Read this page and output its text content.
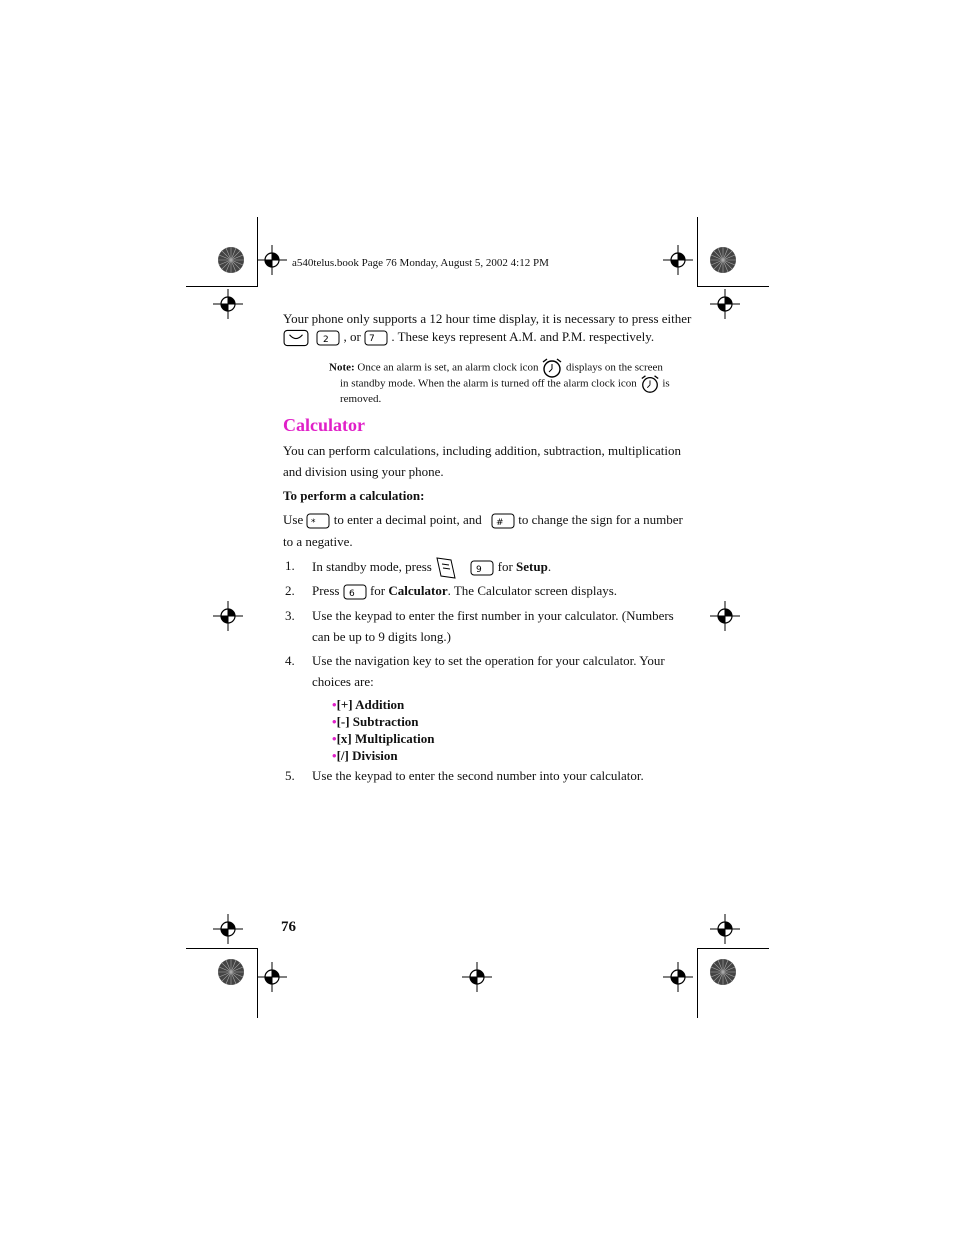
a540telus.book Page 76 Monday, August 5, 2002 4:12 PM
Your phone only supports a 12 hour time display, it is necessary to press either

2 , or 7 . These keys represent A.M. and P.M. respectively.
Note: Once an alarm is set, an alarm clock icon	displays on the screen
in standby mode. When the alarm is turned off the alarm clock icon is
removed.
Calculator
You can perform calculations, including addition, subtraction, multiplication
and division using your phone.
To perform a calculation:
Use * to enter a decimal point, and # to change the sign for a number
to a negative.
1. In standby mode, press	9 for Setup.
2. Press 6 for Calculator. The Calculator screen displays.
3. Use the keypad to enter the first number in your calculator. (Numbers
can be up to 9 digits long.)
4. Use the navigation key to set the operation for your calculator. Your
choices are:
•[+] Addition
•[-] Subtraction
•[x] Multiplication
•[/] Division
5. Use the keypad to enter the second number into your calculator.
76
